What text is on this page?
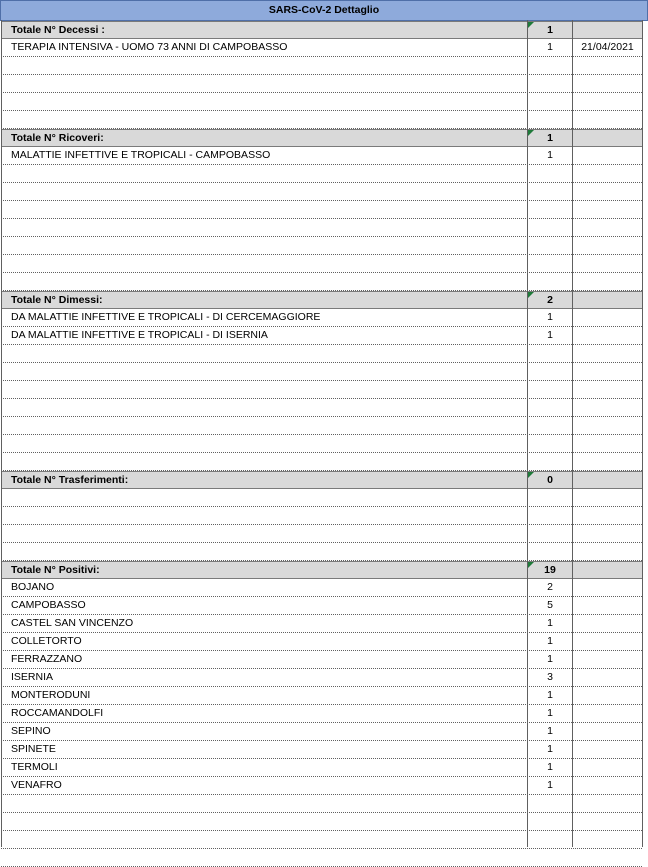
SARS-CoV-2 Dettaglio
Totale N° Decessi :	1
TERAPIA INTENSIVA - UOMO 73 ANNI DI CAMPOBASSO	1	21/04/2021
Totale N° Ricoveri:	1
MALATTIE INFETTIVE E TROPICALI - CAMPOBASSO	1
Totale N° Dimessi:	2
DA MALATTIE INFETTIVE E TROPICALI - DI CERCEMAGGIORE	1
DA MALATTIE INFETTIVE E TROPICALI - DI ISERNIA	1
Totale N° Trasferimenti:	0
Totale N° Positivi:	19
BOJANO	2
CAMPOBASSO	5
CASTEL SAN VINCENZO	1
COLLETORTO	1
FERRAZZANO	1
ISERNIA	3
MONTERODUNI	1
ROCCAMANDOLFI	1
SEPINO	1
SPINETE	1
TERMOLI	1
VENAFRO	1
